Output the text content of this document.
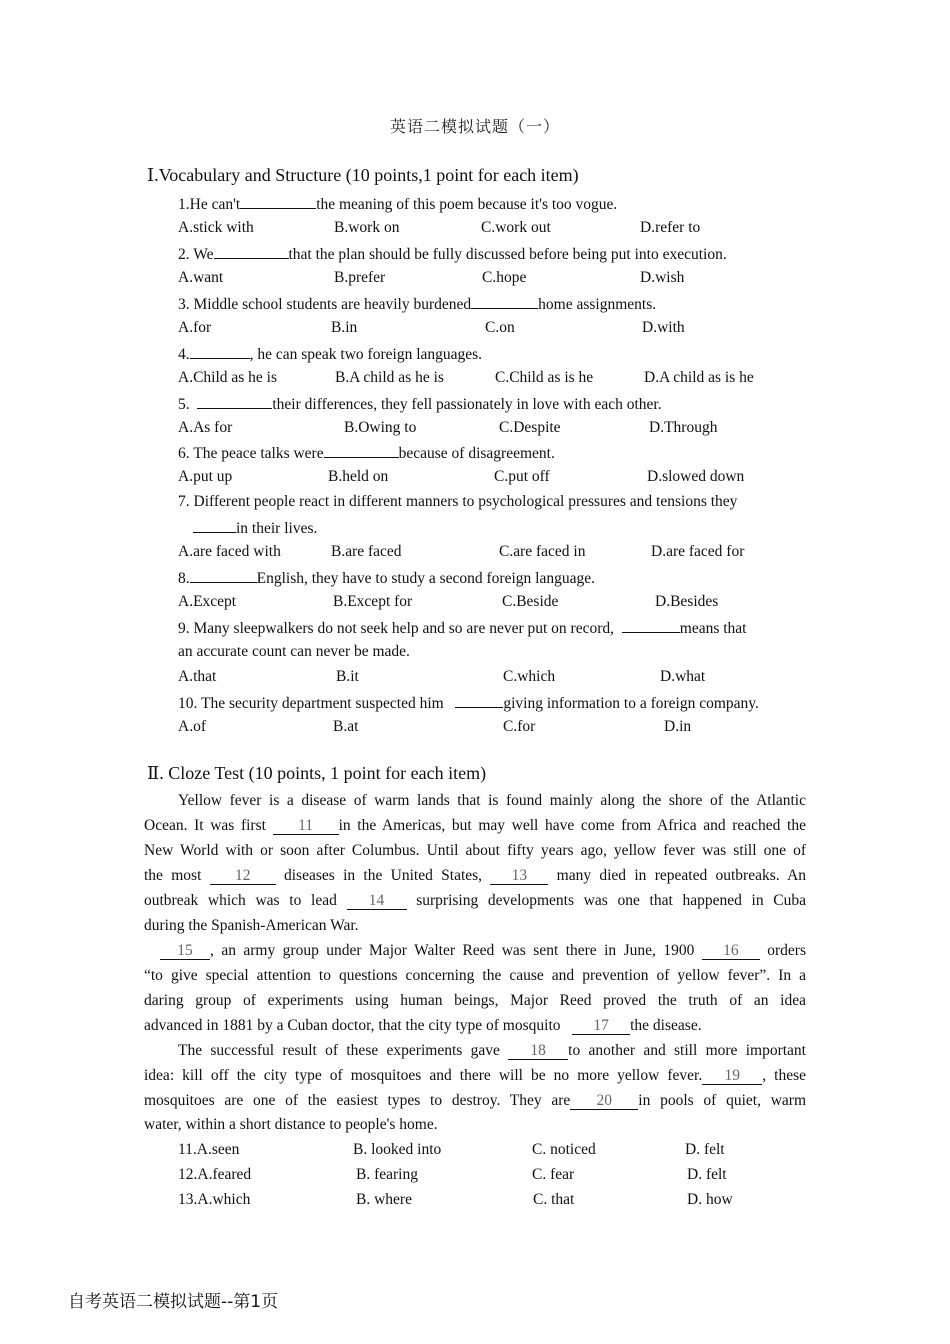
英语二模拟试题（一）
Ⅰ.Vocabulary and Structure (10 points,1 point for each item)
1.He can't	the meaning of this poem because it's too vogue.
A.stick with	B.work on	C.work out	D.refer to
2. We	that the plan should be fully discussed before being put into execution.
A.want	B.prefer	C.hope	D.wish
3. Middle school students are heavily burdened	home assignments.
A.for	B.in	C.on	D.with
4.	, he can speak two foreign languages.
A.Child as he is	B.A child as he is	C.Child as is he	D.A child as is he
5.	their differences, they fell passionately in love with each other.
A.As for	B.Owing to	C.Despite	D.Through
6. The peace talks were	because of disagreement.
A.put up	B.held on	C.put off	D.slowed down
7. Different people react in different manners to psychological pressures and tensions they
in their lives.
A.are faced with	B.are faced	C.are faced in	D.are faced for
8.	English, they have to study a second foreign language.
A.Except	B.Except for	C.Beside	D.Besides
9. Many sleepwalkers do not seek help and so are never put on record,	means that
an accurate count can never be made.
A.that	B.it	C.which	D.what
10. The security department suspected him	giving information to a foreign company.
A.of	B.at	C.for	D.in
Ⅱ. Cloze Test (10 points, 1 point for each item)
Yellow fever is a disease of warm lands that is found mainly along the shore of the Atlantic
Ocean. It was first 11 in the Americas, but may well have come from Africa and reached the
New World with or soon after Columbus. Until about fifty years ago, yellow fever was still one of
the most 12 diseases in the United States, 13 many died in repeated outbreaks. An
outbreak which was to lead 14 surprising developments was one that happened in Cuba
during the Spanish-American War.
15 , an army group under Major Walter Reed was sent there in June, 1900 16 orders
“to give special attention to questions concerning the cause and prevention of yellow fever”. In a
daring group of experiments using human beings, Major Reed proved the truth of an idea
advanced in 1881 by a Cuban doctor, that the city type of mosquito 17 the disease.
The successful result of these experiments gave 18 to another and still more important
idea: kill off the city type of mosquitoes and there will be no more yellow fever. 19 , these
mosquitoes are one of the easiest types to destroy. They are 20 in pools of quiet, warm
water, within a short distance to people's home.
11.A.seen	B. looked into	C. noticed	D. felt
12.A.feared	B. fearing	C. fear	D. felt
13.A.which	B. where	C. that	D. how
自考英语二模拟试题--第1页
